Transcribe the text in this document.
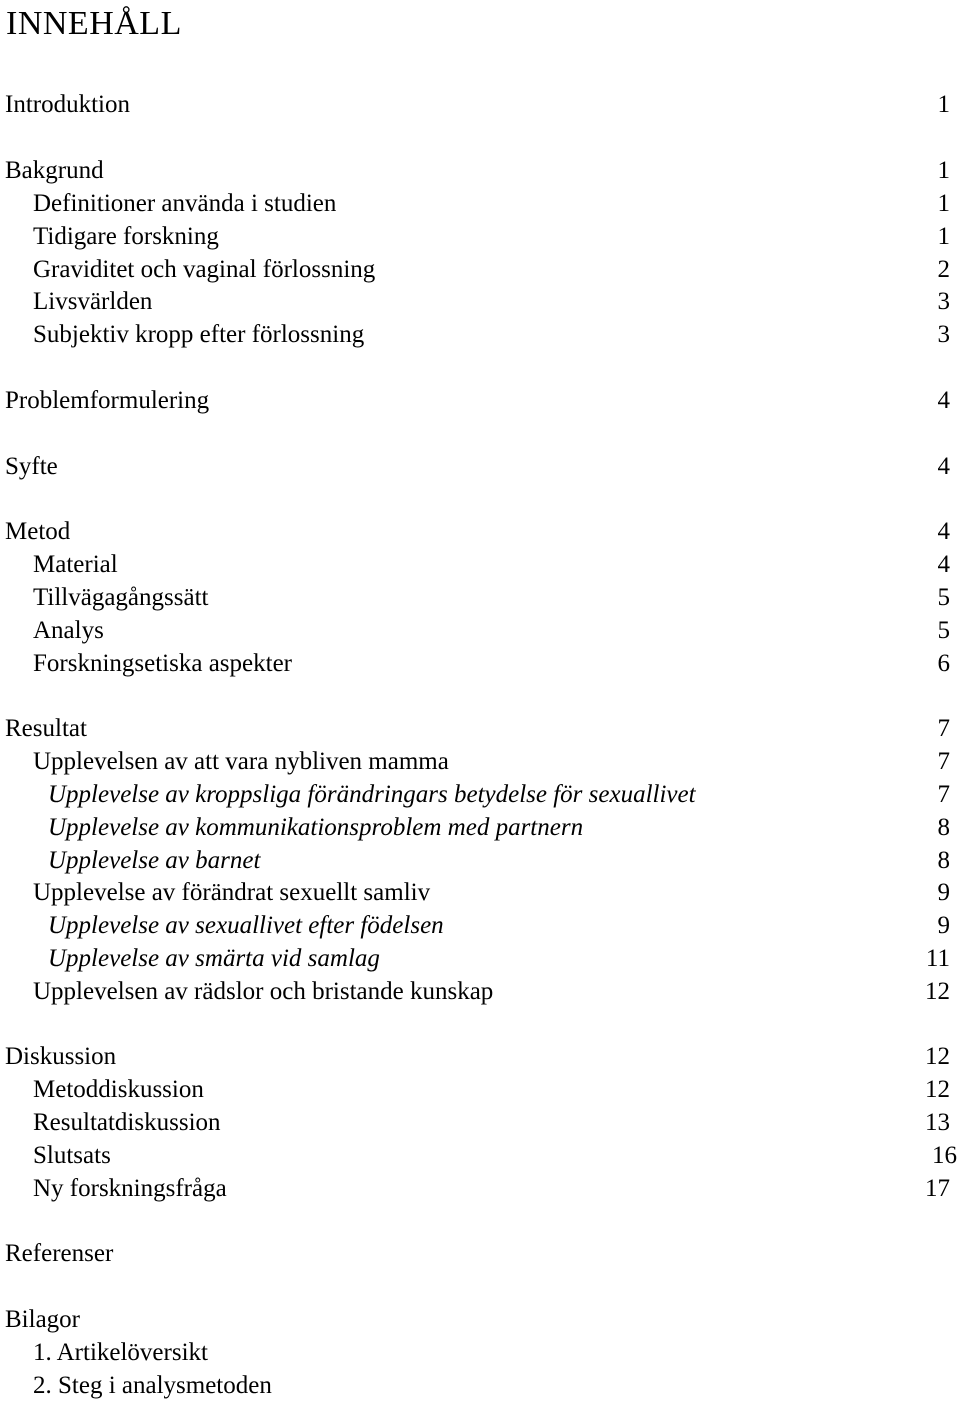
INNEHÅLL
Introduktion	1
Bakgrund	1
Definitioner använda i studien	1
Tidigare forskning	1
Graviditet och vaginal förlossning	2
Livsvärlden	3
Subjektiv kropp efter förlossning	3
Problemformulering	4
Syfte	4
Metod	4
Material	4
Tillvägagångssätt	5
Analys	5
Forskningsetiska aspekter	6
Resultat	7
Upplevelsen av att vara nybliven mamma	7
Upplevelse av kroppsliga förändringars betydelse för sexuallivet	7
Upplevelse av kommunikationsproblem med partnern	8
Upplevelse av barnet	8
Upplevelse av förändrat sexuellt samliv	9
Upplevelse av sexuallivet efter födelsen	9
Upplevelse av smärta vid samlag	11
Upplevelsen av rädslor och bristande kunskap	12
Diskussion	12
Metoddiskussion	12
Resultatdiskussion	13
Slutsats	16
Ny forskningsfråga	17
Referenser
Bilagor
1. Artikelöversikt
2. Steg i analysmetoden
